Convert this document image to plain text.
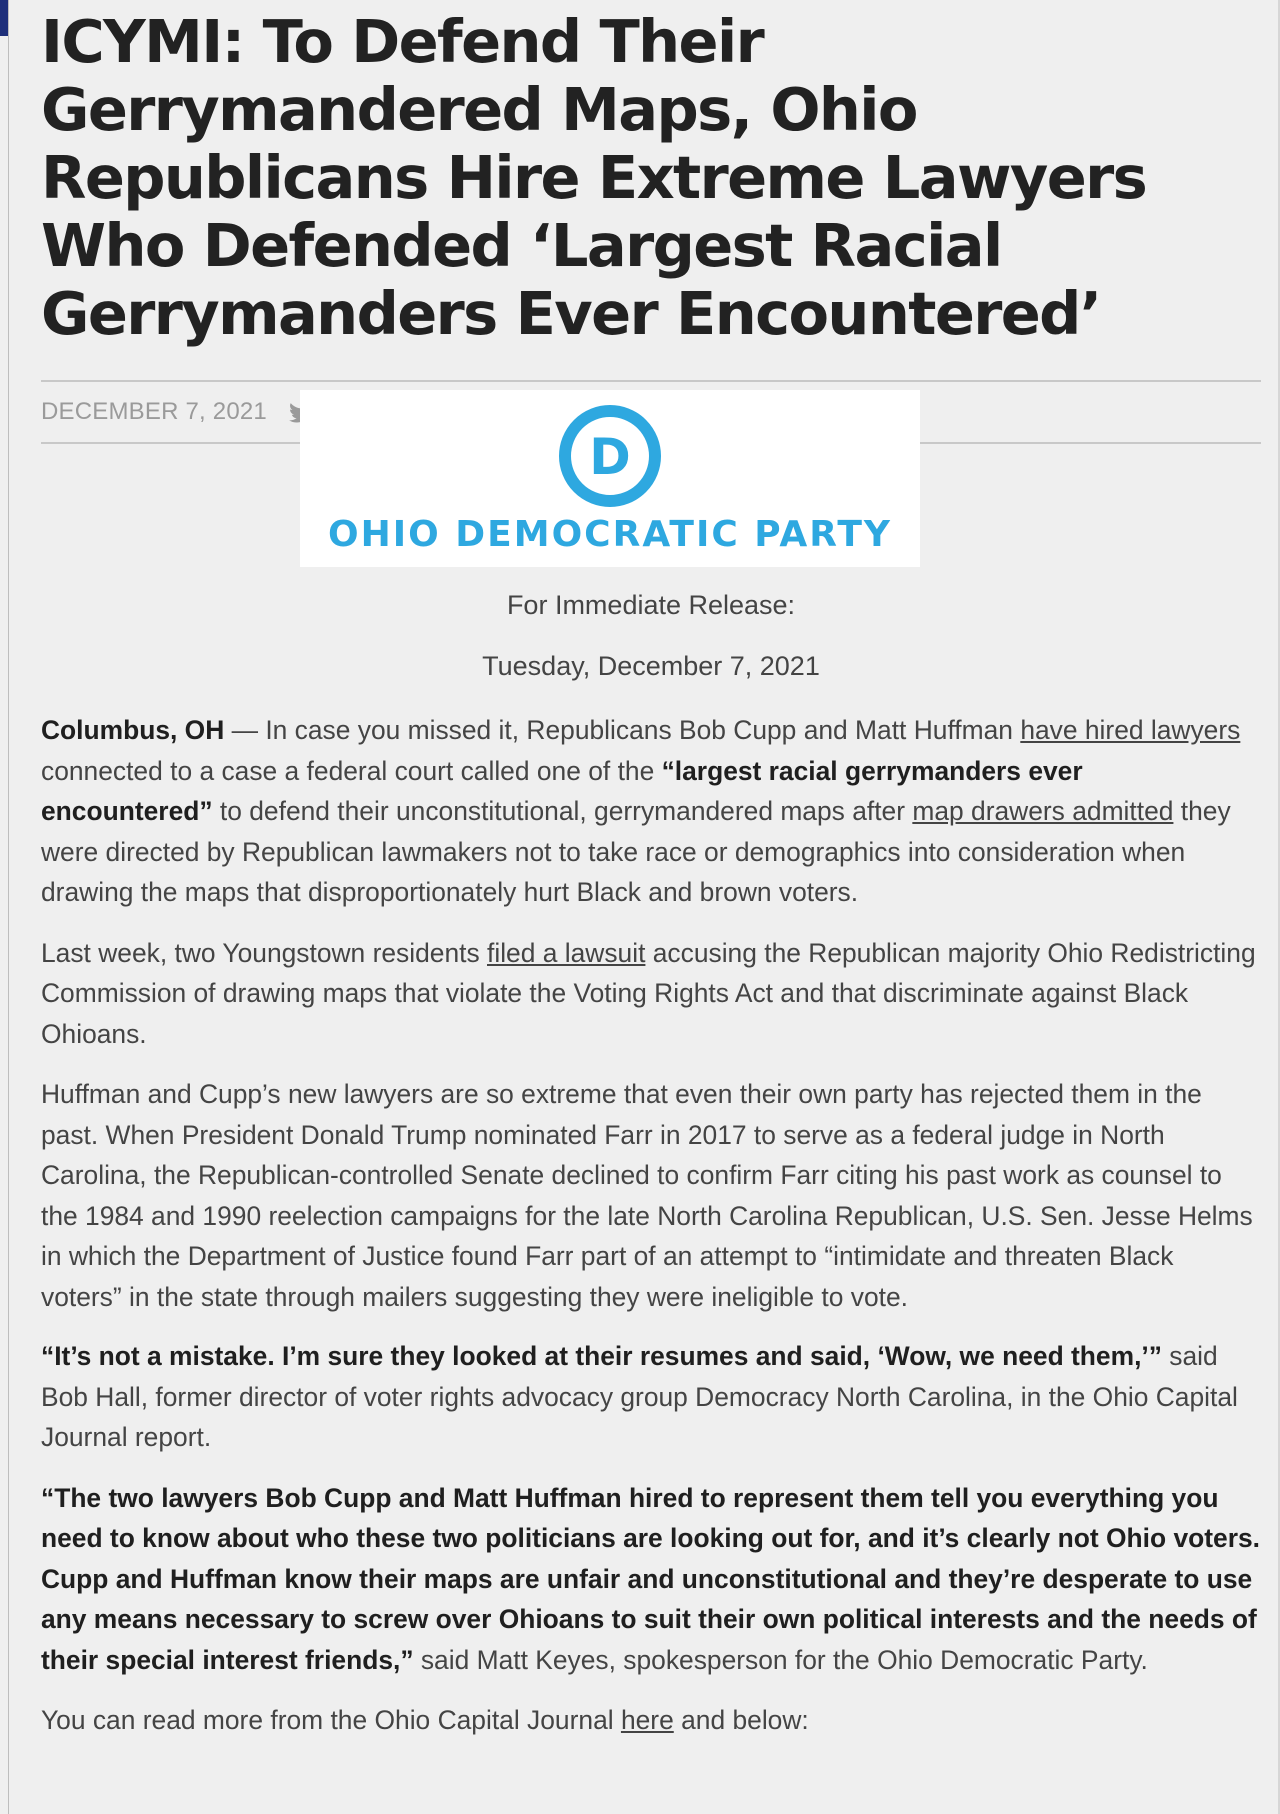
ICYMI: To Defend Their Gerrymandered Maps, Ohio Republicans Hire Extreme Lawyers Who Defended ‘Largest Racial Gerrymanders Ever Encountered’
DECEMBER 7, 2021
D
OHIO DEMOCRATIC PARTY
For Immediate Release:
Tuesday, December 7, 2021

Columbus, OH — In case you missed it, Republicans Bob Cupp and Matt Huffman have hired lawyers connected to a case a federal court called one of the “largest racial gerrymanders ever encountered” to defend their unconstitutional, gerrymandered maps after map drawers admitted they were directed by Republican lawmakers not to take race or demographics into consideration when drawing the maps that disproportionately hurt Black and brown voters.

Last week, two Youngstown residents filed a lawsuit accusing the Republican majority Ohio Redistricting Commission of drawing maps that violate the Voting Rights Act and that discriminate against Black Ohioans.

Huffman and Cupp’s new lawyers are so extreme that even their own party has rejected them in the past. When President Donald Trump nominated Farr in 2017 to serve as a federal judge in North Carolina, the Republican-controlled Senate declined to confirm Farr citing his past work as counsel to the 1984 and 1990 reelection campaigns for the late North Carolina Republican, U.S. Sen. Jesse Helms in which the Department of Justice found Farr part of an attempt to “intimidate and threaten Black voters” in the state through mailers suggesting they were ineligible to vote.

“It’s not a mistake. I’m sure they looked at their resumes and said, ‘Wow, we need them,’” said Bob Hall, former director of voter rights advocacy group Democracy North Carolina, in the Ohio Capital Journal report.

“The two lawyers Bob Cupp and Matt Huffman hired to represent them tell you everything you need to know about who these two politicians are looking out for, and it’s clearly not Ohio voters. Cupp and Huffman know their maps are unfair and unconstitutional and they’re desperate to use any means necessary to screw over Ohioans to suit their own political interests and the needs of their special interest friends,” said Matt Keyes, spokesperson for the Ohio Democratic Party.

You can read more from the Ohio Capital Journal here and below:
